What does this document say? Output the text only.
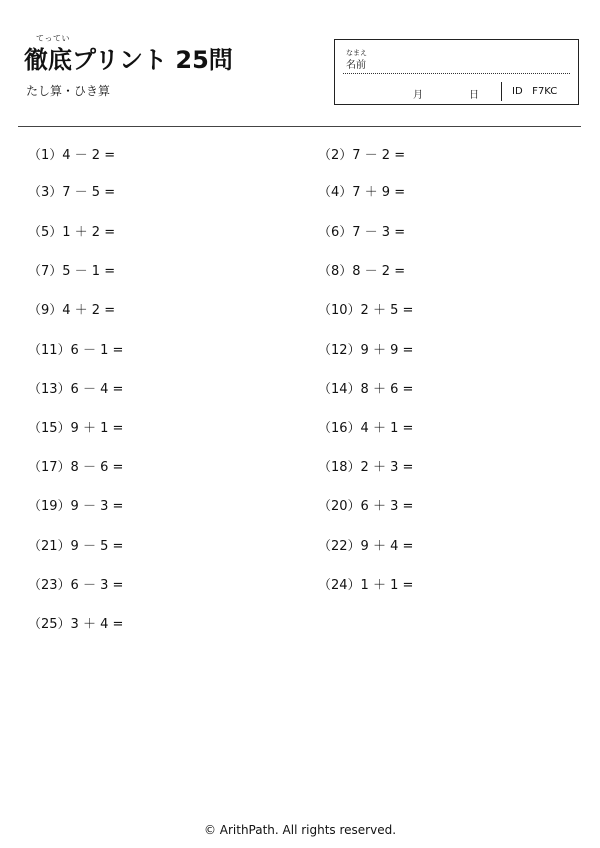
てってい
徹底プリント 25問
たし算・ひき算
なまえ
名前
月	日	ID   F7KC
（1）4 － 2 =	（2）7 － 2 =
（3）7 － 5 =	（4）7 ＋ 9 =
（5）1 ＋ 2 =	（6）7 － 3 =
（7）5 － 1 =	（8）8 － 2 =
（9）4 ＋ 2 =	（10）2 ＋ 5 =
（11）6 － 1 =	（12）9 ＋ 9 =
（13）6 － 4 =	（14）8 ＋ 6 =
（15）9 ＋ 1 =	（16）4 ＋ 1 =
（17）8 － 6 =	（18）2 ＋ 3 =
（19）9 － 3 =	（20）6 ＋ 3 =
（21）9 － 5 =	（22）9 ＋ 4 =
（23）6 － 3 =	（24）1 ＋ 1 =
（25）3 ＋ 4 =
© ArithPath. All rights reserved.
